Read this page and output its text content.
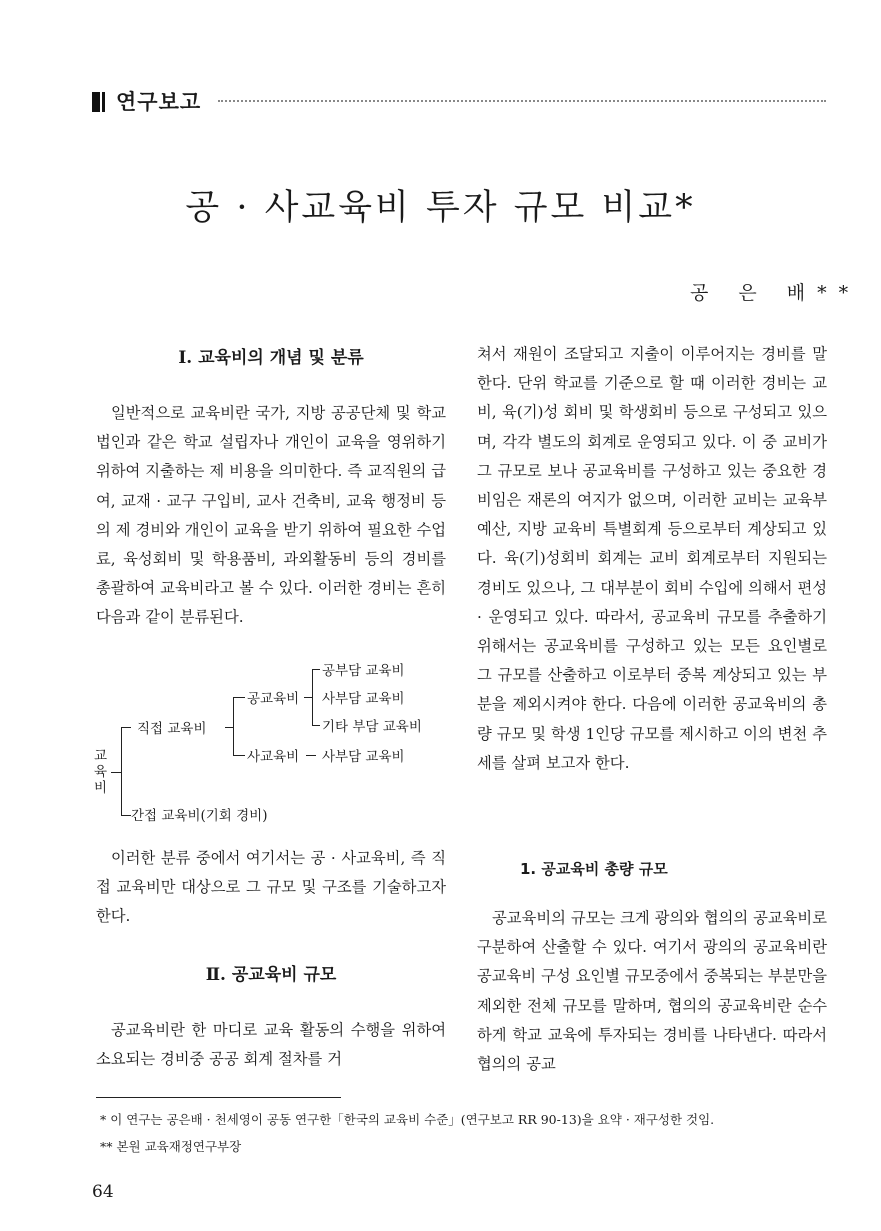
연구보고
공 · 사교육비 투자 규모 비교*
공 은 배**
Ⅰ. 교육비의 개념 및 분류

일반적으로 교육비란 국가, 지방 공공단체 및 학교 법인과 같은 학교 설립자나 개인이 교육을 영위하기 위하여 지출하는 제 비용을 의미한다. 즉 교직원의 급여, 교재 · 교구 구입비, 교사 건축비, 교육 행정비 등의 제 경비와 개인이 교육을 받기 위하여 필요한 수업료, 육성회비 및 학용품비, 과외활동비 등의 경비를 총괄하여 교육비라고 볼 수 있다. 이러한 경비는 흔히 다음과 같이 분류된다.

교육비
직접 교육비
간접 교육비(기회 경비)
공교육비
사교육비
공부담 교육비
사부담 교육비
기타 부담 교육비
사부담 교육비

이러한 분류 중에서 여기서는 공 · 사교육비, 즉 직접 교육비만 대상으로 그 규모 및 구조를 기술하고자 한다.

Ⅱ. 공교육비 규모

공교육비란 한 마디로 교육 활동의 수행을 위하여 소요되는 경비중 공공 회계 절차를 거

쳐서 재원이 조달되고 지출이 이루어지는 경비를 말한다. 단위 학교를 기준으로 할 때 이러한 경비는 교비, 육(기)성 회비 및 학생회비 등으로 구성되고 있으며, 각각 별도의 회계로 운영되고 있다. 이 중 교비가 그 규모로 보나 공교육비를 구성하고 있는 중요한 경비임은 재론의 여지가 없으며, 이러한 교비는 교육부 예산, 지방 교육비 특별회계 등으로부터 계상되고 있다. 육(기)성회비 회계는 교비 회계로부터 지원되는 경비도 있으나, 그 대부분이 회비 수입에 의해서 편성 · 운영되고 있다. 따라서, 공교육비 규모를 추출하기 위해서는 공교육비를 구성하고 있는 모든 요인별로 그 규모를 산출하고 이로부터 중복 계상되고 있는 부분을 제외시켜야 한다. 다음에 이러한 공교육비의 총량 규모 및 학생 1인당 규모를 제시하고 이의 변천 추세를 살펴 보고자 한다.

1. 공교육비 총량 규모

공교육비의 규모는 크게 광의와 협의의 공교육비로 구분하여 산출할 수 있다. 여기서 광의의 공교육비란 공교육비 구성 요인별 규모중에서 중복되는 부분만을 제외한 전체 규모를 말하며, 협의의 공교육비란 순수하게 학교 교육에 투자되는 경비를 나타낸다. 따라서 협의의 공교

* 이 연구는 공은배 · 천세영이 공동 연구한「한국의 교육비 수준」(연구보고 RR 90-13)을 요약 · 재구성한 것임.
** 본원 교육재정연구부장
64
